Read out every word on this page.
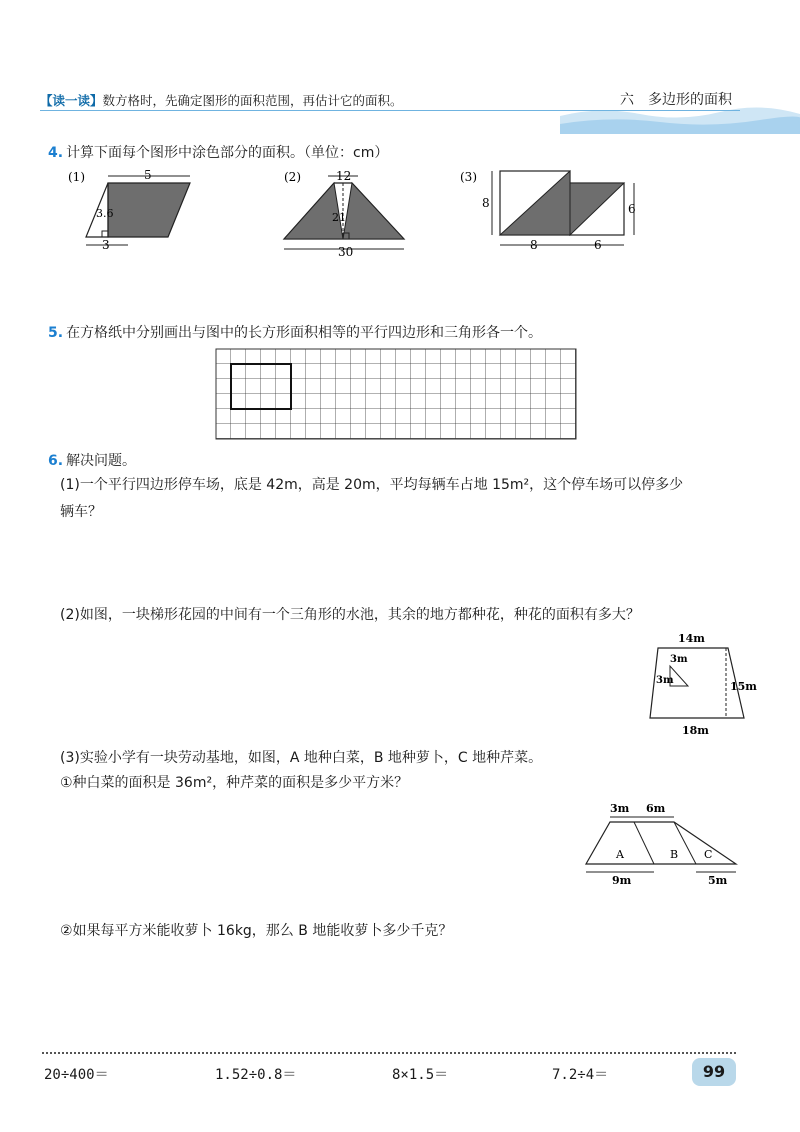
【读一读】数方格时，先确定图形的面积范围，再估计它的面积。	六　多边形的面积
4. 计算下面每个图形中涂色部分的面积。（单位：cm）
(1)	5
3.6
3
(2)	12
21
30
(3)
8	6
8	6
5. 在方格纸中分别画出与图中的长方形面积相等的平行四边形和三角形各一个。
6. 解决问题。
(1)一个平行四边形停车场，底是 42m，高是 20m，平均每辆车占地 15m²，这个停车场可以停多少
辆车？
(2)如图，一块梯形花园的中间有一个三角形的水池，其余的地方都种花，种花的面积有多大？
14m
3m
3m	15m
18m
(3)实验小学有一块劳动基地，如图，A 地种白菜，B 地种萝卜，C 地种芹菜。
①种白菜的面积是 36m²，种芹菜的面积是多少平方米？
3m 6m
A	B C
9m	5m
②如果每平方米能收萝卜 16kg，那么 B 地能收萝卜多少千克？
20÷400＝	1.52÷0.8＝	8×1.5＝	7.2÷4＝	99
